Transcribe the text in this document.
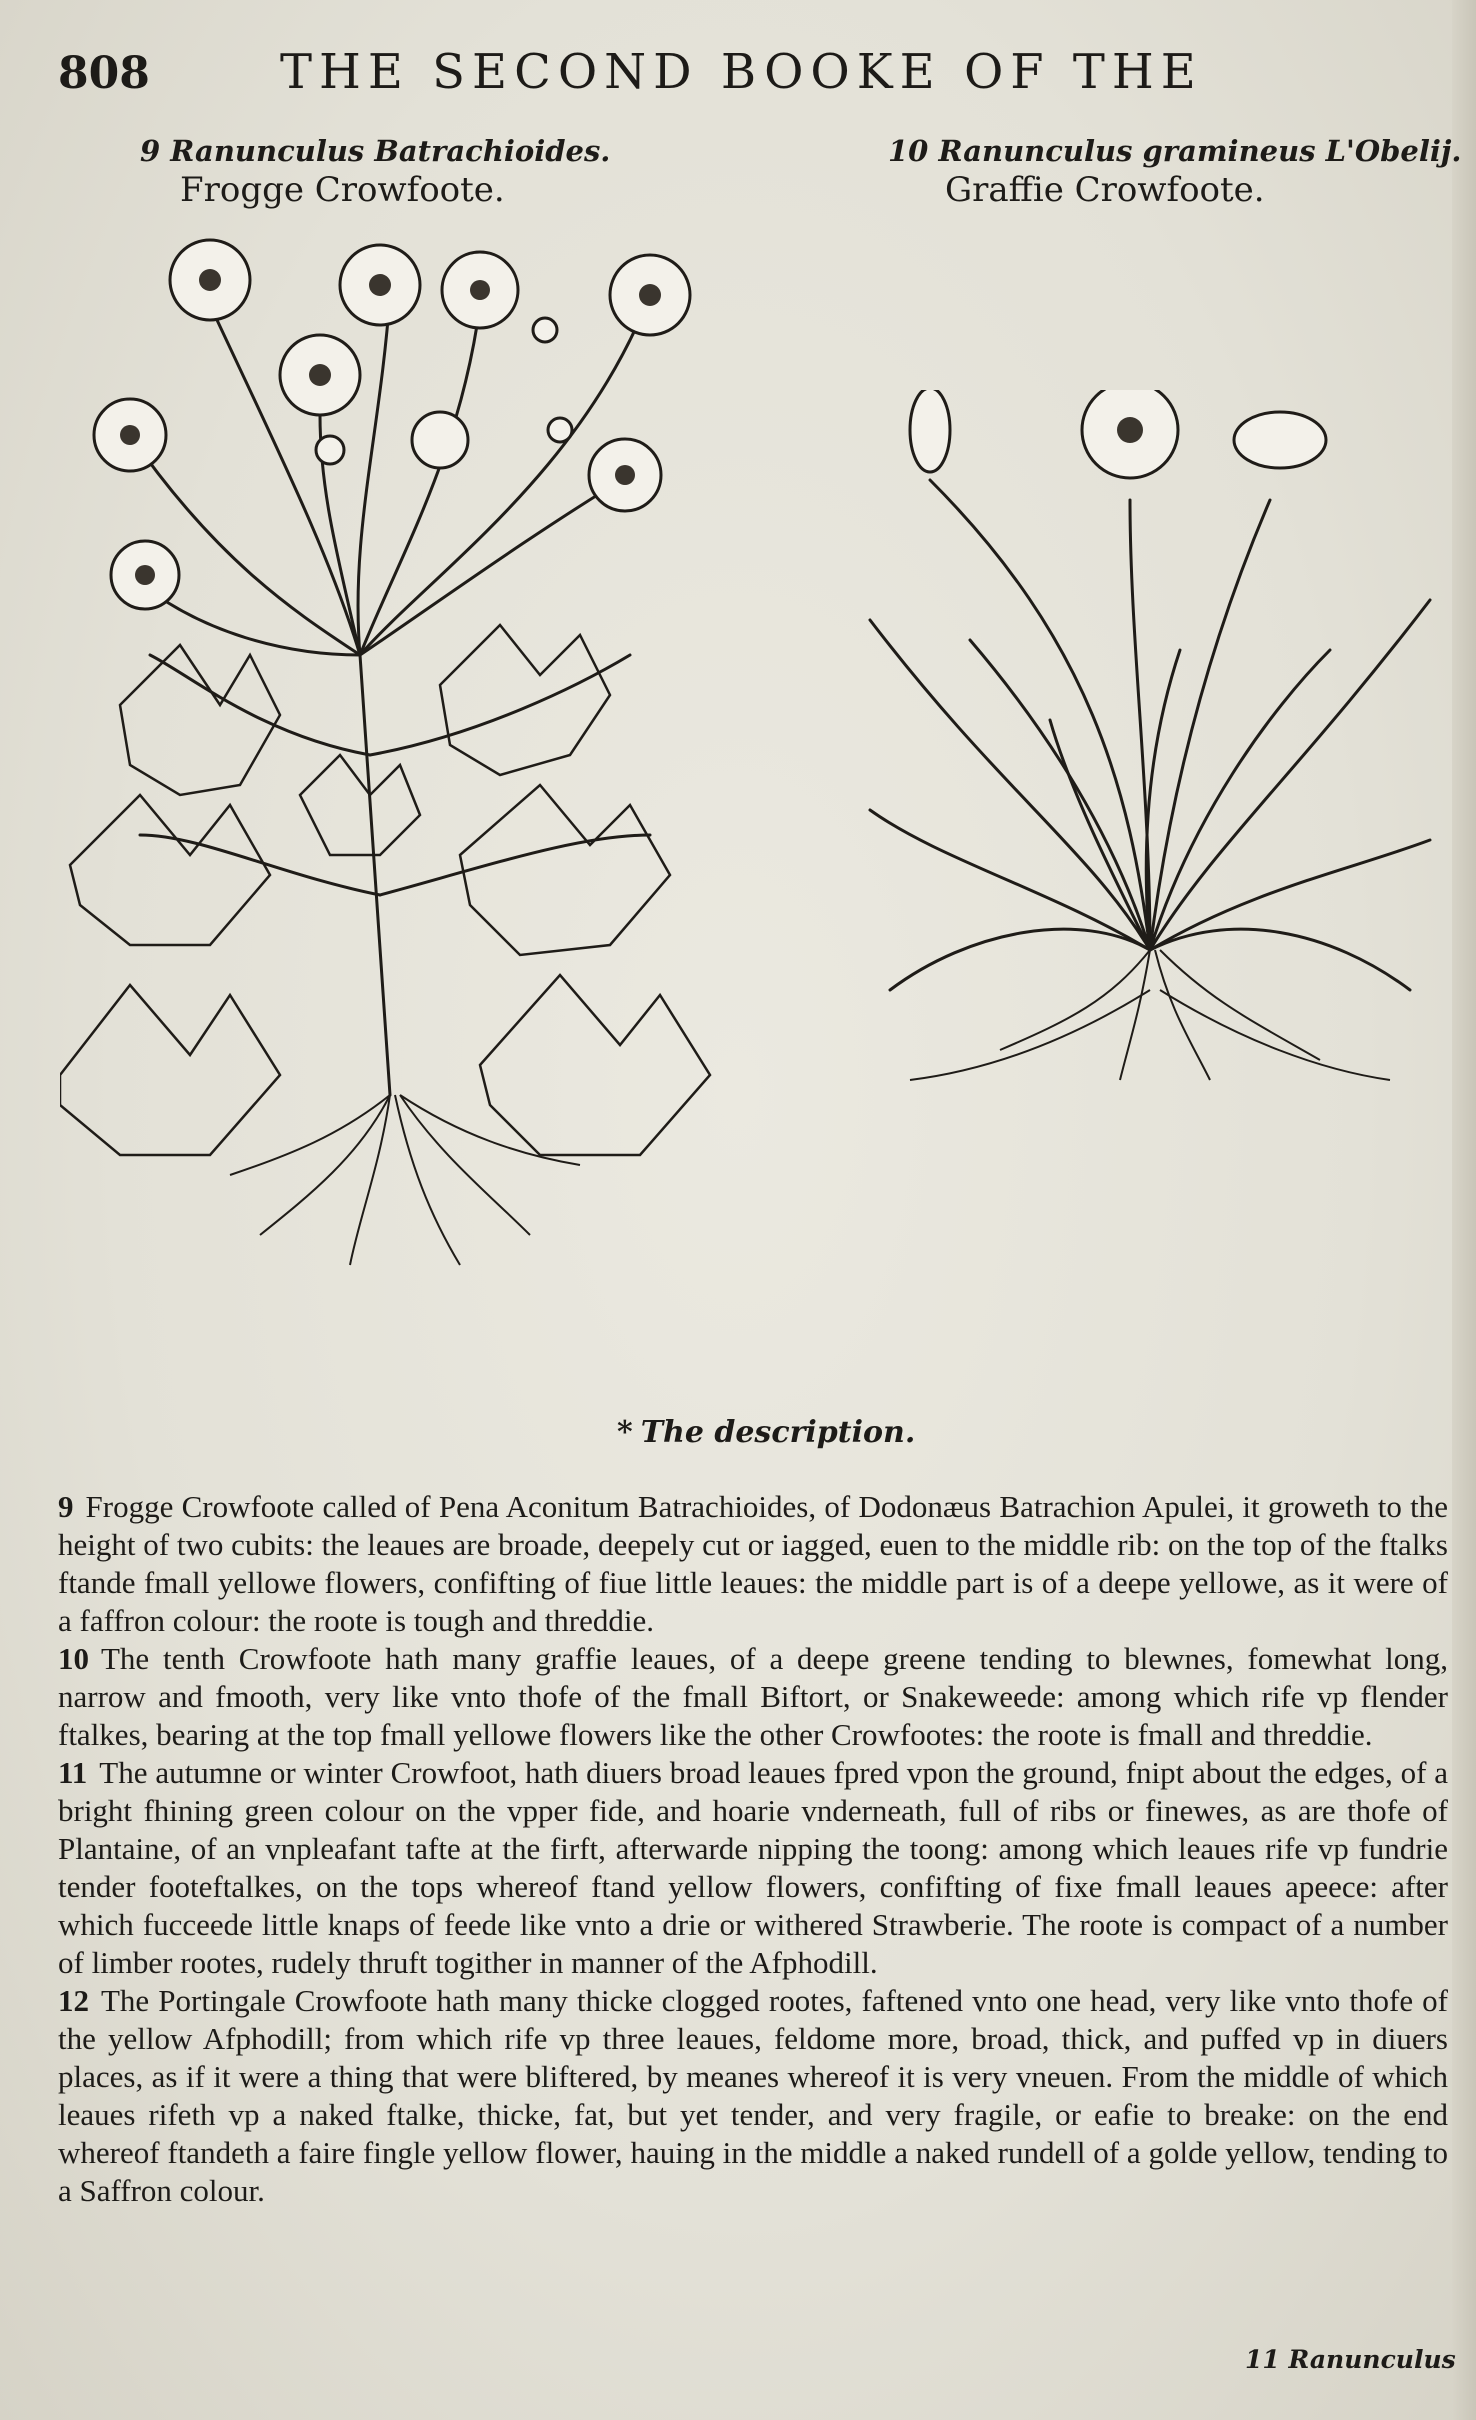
808	THE SECOND BOOKE OF THE
9 Ranunculus Batrachioides.
Frogge Crowfoote.
10 Ranunculus gramineus L'Obelij.
Graffie Crowfoote.
* The description.

9 Frogge Crowfoote called of Pena Aconitum Batrachioides, of Dodonæus Batrachion Apulei, it groweth to the height of two cubits: the leaues are broade, deepely cut or iagged, euen to the middle rib: on the top of the ftalks ftande fmall yellowe flowers, confifting of fiue little leaues: the middle part is of a deepe yellowe, as it were of a faffron colour: the roote is tough and threddie.

10 The tenth Crowfoote hath many graffie leaues, of a deepe greene tending to blewnes, fomewhat long, narrow and fmooth, very like vnto thofe of the fmall Biftort, or Snakeweede: among which rife vp flender ftalkes, bearing at the top fmall yellowe flowers like the other Crowfootes: the roote is fmall and threddie.

11 The autumne or winter Crowfoot, hath diuers broad leaues fpred vpon the ground, fnipt about the edges, of a bright fhining green colour on the vpper fide, and hoarie vnderneath, full of ribs or finewes, as are thofe of Plantaine, of an vnpleafant tafte at the firft, afterwarde nipping the toong: among which leaues rife vp fundrie tender footeftalkes, on the tops whereof ftand yellow flowers, confifting of fixe fmall leaues apeece: after which fucceede little knaps of feede like vnto a drie or withered Strawberie. The roote is compact of a number of limber rootes, rudely thruft togither in manner of the Afphodill.

12 The Portingale Crowfoote hath many thicke clogged rootes, faftened vnto one head, very like vnto thofe of the yellow Afphodill; from which rife vp three leaues, feldome more, broad, thick, and puffed vp in diuers places, as if it were a thing that were bliftered, by meanes whereof it is very vneuen. From the middle of which leaues rifeth vp a naked ftalke, thicke, fat, but yet tender, and very fragile, or eafie to breake: on the end whereof ftandeth a faire fingle yellow flower, hauing in the middle a naked rundell of a golde yellow, tending to a Saffron colour.

11 Ranunculus
